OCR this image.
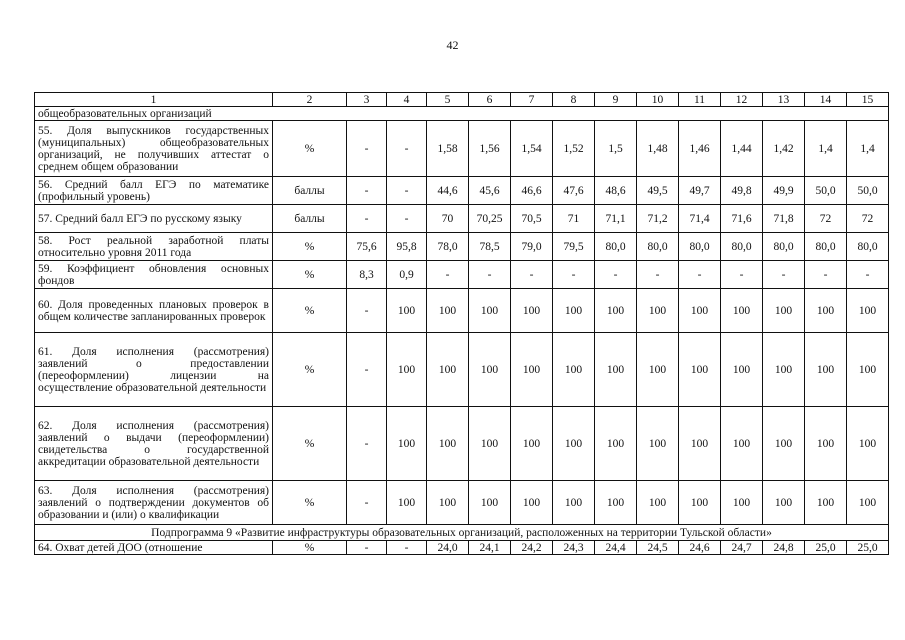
42
1	2	3	4	5	6	7	8	9	10	11	12	13	14	15
общеобразовательных организаций														
55. Доля выпускников государственных (муниципальных) общеобразовательных организаций, не получивших аттестат о среднем общем образовании	%	-	-	1,58	1,56	1,54	1,52	1,5	1,48	1,46	1,44	1,42	1,4	1,4
56. Средний балл ЕГЭ по математике (профильный уровень)	баллы	-	-	44,6	45,6	46,6	47,6	48,6	49,5	49,7	49,8	49,9	50,0	50,0
57. Средний балл ЕГЭ по русскому языку	баллы	-	-	70	70,25	70,5	71	71,1	71,2	71,4	71,6	71,8	72	72
58. Рост реальной заработной платы относительно уровня 2011 года	%	75,6	95,8	78,0	78,5	79,0	79,5	80,0	80,0	80,0	80,0	80,0	80,0	80,0
59. Коэффициент обновления основных фондов	%	8,3	0,9	-	-	-	-	-	-	-	-	-	-	-
60. Доля проведенных плановых проверок в общем количестве запланированных проверок	%	-	100	100	100	100	100	100	100	100	100	100	100	100
61. Доля исполнения (рассмотрения) заявлений о предоставлении (переоформлении) лицензии на осуществление образовательной деятельности	%	-	100	100	100	100	100	100	100	100	100	100	100	100
62. Доля исполнения (рассмотрения) заявлений о выдачи (переоформлении) свидетельства о государственной аккредитации образовательной деятельности	%	-	100	100	100	100	100	100	100	100	100	100	100	100
63. Доля исполнения (рассмотрения) заявлений о подтверждении документов об образовании и (или) о квалификации	%	-	100	100	100	100	100	100	100	100	100	100	100	100
Подпрограмма 9 «Развитие инфраструктуры образовательных организаций, расположенных на территории Тульской области»														
64. Охват детей ДОО (отношение	%	-	-	24,0	24,1	24,2	24,3	24,4	24,5	24,6	24,7	24,8	25,0	25,0
